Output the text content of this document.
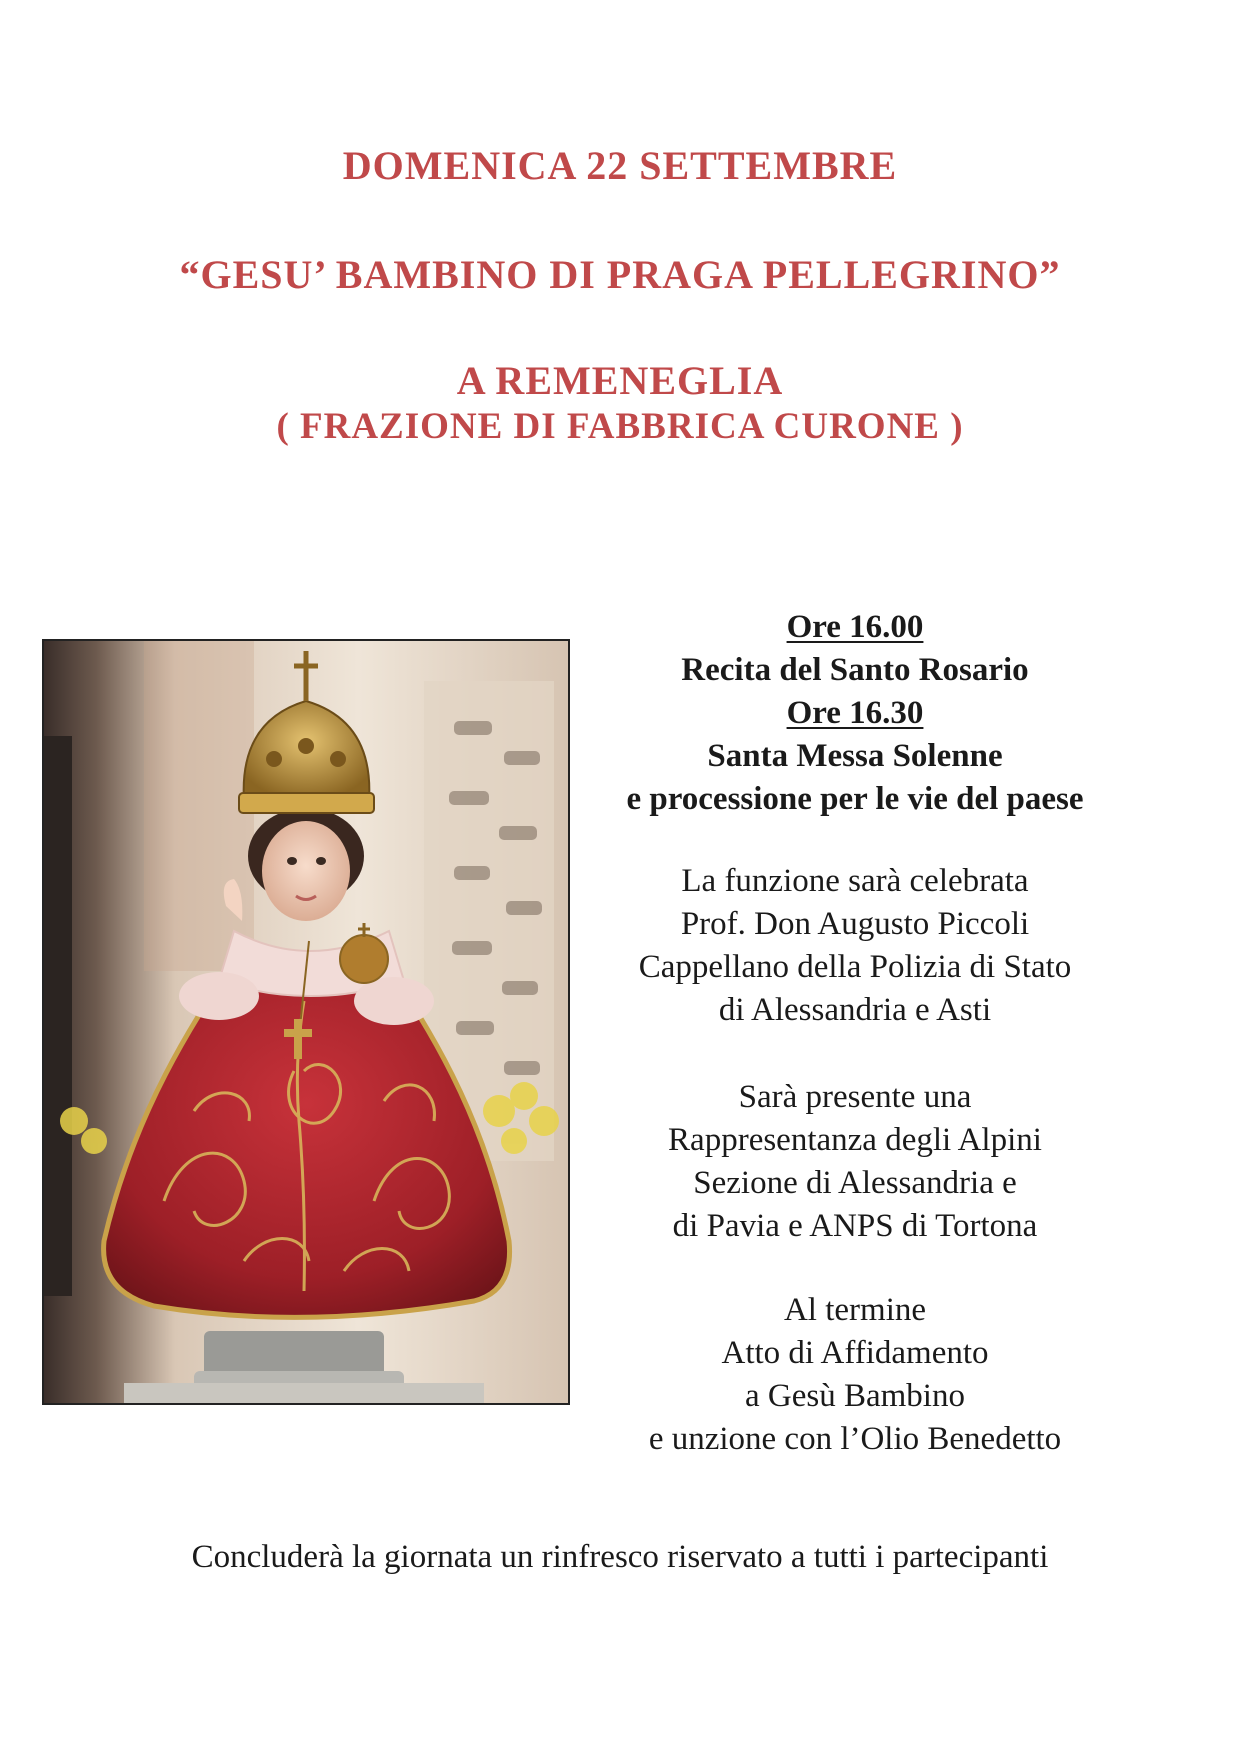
DOMENICA 22 SETTEMBRE
“GESU’ BAMBINO DI PRAGA PELLEGRINO”
A REMENEGLIA
( FRAZIONE DI FABBRICA CURONE )
Ore 16.00
Recita del Santo Rosario
Ore 16.30
Santa Messa Solenne
e processione per le vie del paese
La funzione sarà celebrata
Prof. Don Augusto Piccoli
Cappellano della Polizia di Stato
di Alessandria e Asti
Sarà presente una
Rappresentanza degli Alpini
Sezione di Alessandria e
di Pavia e ANPS di Tortona
Al termine
Atto di Affidamento
a Gesù Bambino
e unzione con l’Olio Benedetto
Concluderà la giornata un rinfresco riservato a tutti i partecipanti
